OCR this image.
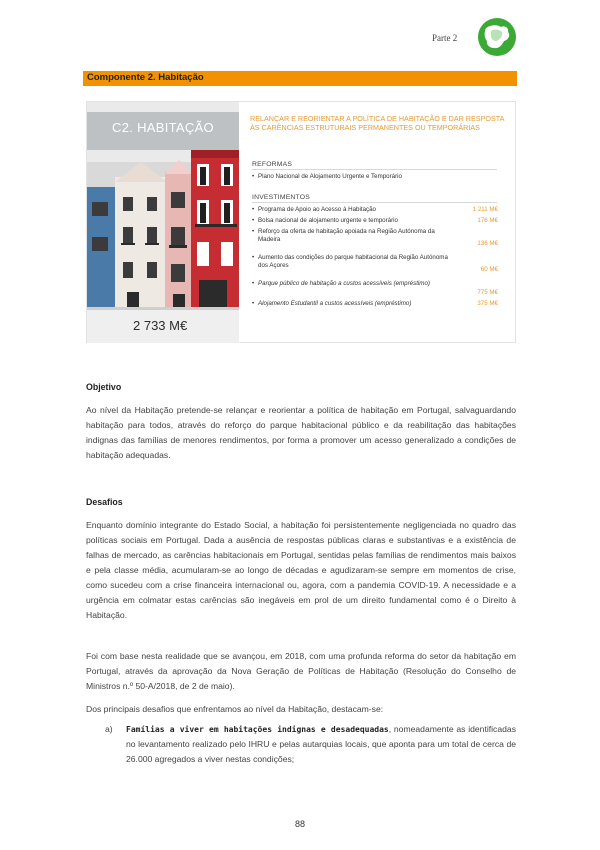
Parte 2
Componente 2. Habitação
C2. HABITAÇÃO
2 733 M€
RELANÇAR E REORIENTAR A POLÍTICA DE HABITAÇÃO E DAR RESPOSTA ÀS CARÊNCIAS ESTRUTURAIS PERMANENTES OU TEMPORÁRIAS
REFORMAS
• Plano Nacional de Alojamento Urgente e Temporário
INVESTIMENTOS
• Programa de Apoio ao Acesso à Habitação	1 211 M€
• Bolsa nacional de alojamento urgente e temporário	176 M€
• Reforço da oferta de habitação apoiada na Região Autónoma da Madeira
136 M€
• Aumento das condições do parque habitacional da Região Autónoma dos Açores
60 M€
• Parque público de habitação a custos acessíveis (empréstimo)
775 M€
• Alojamento Estudantil a custos acessíveis (empréstimo)	375 M€
Objetivo
Ao nível da Habitação pretende-se relançar e reorientar a política de habitação em Portugal, salvaguardando habitação para todos, através do reforço do parque habitacional público e da reabilitação das habitações indignas das famílias de menores rendimentos, por forma a promover um acesso generalizado a condições de habitação adequadas.
Desafios
Enquanto domínio integrante do Estado Social, a habitação foi persistentemente negligenciada no quadro das políticas sociais em Portugal. Dada a ausência de respostas públicas claras e substantivas e a existência de falhas de mercado, as carências habitacionais em Portugal, sentidas pelas famílias de rendimentos mais baixos e pela classe média, acumularam-se ao longo de décadas e agudizaram-se sempre em momentos de crise, como sucedeu com a crise financeira internacional ou, agora, com a pandemia COVID-19. A necessidade e a urgência em colmatar estas carências são inegáveis em prol de um direito fundamental como é o Direito à Habitação.
Foi com base nesta realidade que se avançou, em 2018, com uma profunda reforma do setor da habitação em Portugal, através da aprovação da Nova Geração de Políticas de Habitação (Resolução do Conselho de Ministros n.º 50-A/2018, de 2 de maio).
Dos principais desafios que enfrentamos ao nível da Habitação, destacam-se:
a) Famílias a viver em habitações indignas e desadequadas, nomeadamente as identificadas no levantamento realizado pelo IHRU e pelas autarquias locais, que aponta para um total de cerca de 26.000 agregados a viver nestas condições;
88
